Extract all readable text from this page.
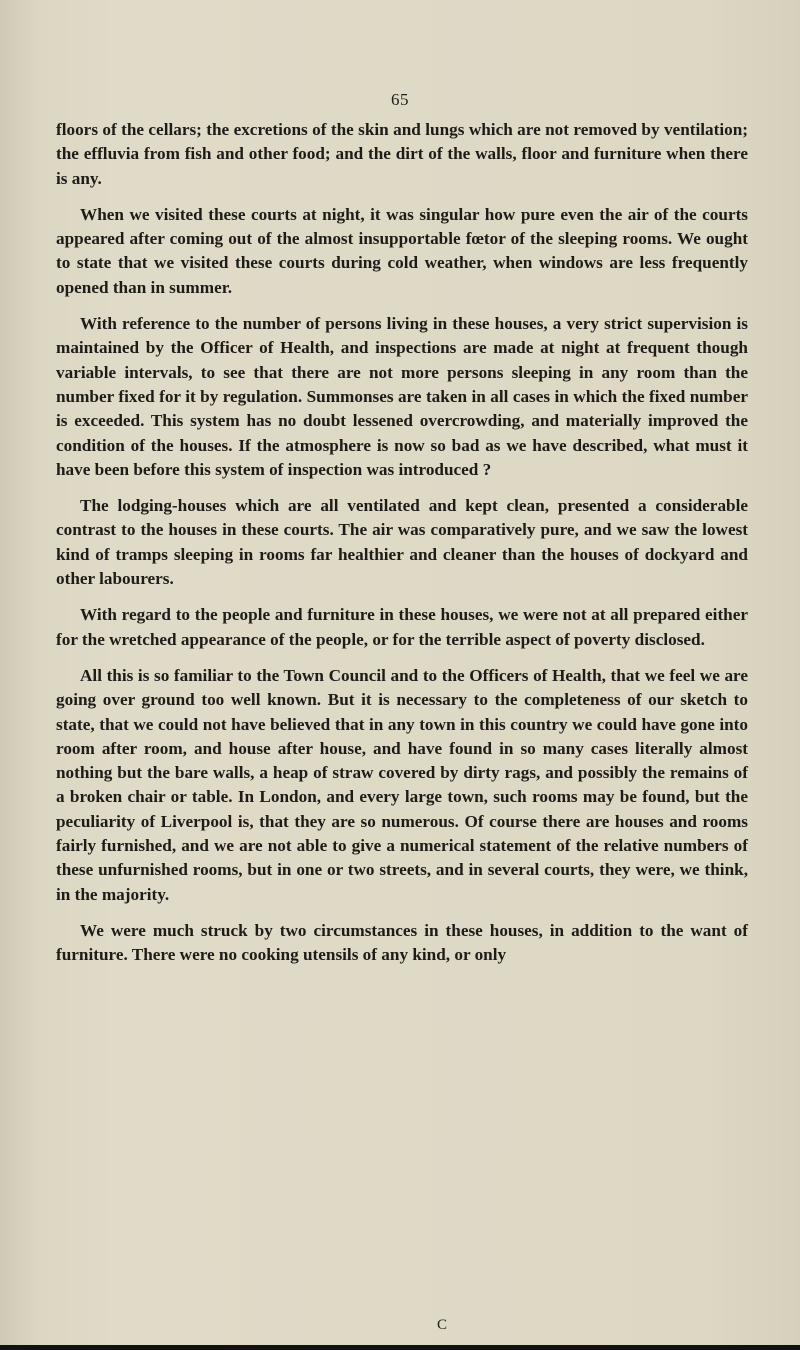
65

floors of the cellars; the excretions of the skin and lungs which are not removed by ventilation; the effluvia from fish and other food; and the dirt of the walls, floor and furniture when there is any.

When we visited these courts at night, it was singular how pure even the air of the courts appeared after coming out of the almost insupportable fœtor of the sleeping rooms. We ought to state that we visited these courts during cold weather, when windows are less frequently opened than in summer.

With reference to the number of persons living in these houses, a very strict supervision is maintained by the Officer of Health, and inspections are made at night at frequent though variable intervals, to see that there are not more persons sleeping in any room than the number fixed for it by regulation. Summonses are taken in all cases in which the fixed number is exceeded. This system has no doubt lessened overcrowding, and materially improved the condition of the houses. If the atmosphere is now so bad as we have described, what must it have been before this system of inspection was introduced ?

The lodging-houses which are all ventilated and kept clean, presented a considerable contrast to the houses in these courts. The air was comparatively pure, and we saw the lowest kind of tramps sleeping in rooms far healthier and cleaner than the houses of dockyard and other labourers.

With regard to the people and furniture in these houses, we were not at all prepared either for the wretched appearance of the people, or for the terrible aspect of poverty disclosed.

All this is so familiar to the Town Council and to the Officers of Health, that we feel we are going over ground too well known. But it is necessary to the completeness of our sketch to state, that we could not have believed that in any town in this country we could have gone into room after room, and house after house, and have found in so many cases literally almost nothing but the bare walls, a heap of straw covered by dirty rags, and possibly the remains of a broken chair or table. In London, and every large town, such rooms may be found, but the peculiarity of Liverpool is, that they are so numerous. Of course there are houses and rooms fairly furnished, and we are not able to give a numerical statement of the relative numbers of these unfurnished rooms, but in one or two streets, and in several courts, they were, we think, in the majority.

We were much struck by two circumstances in these houses, in addition to the want of furniture. There were no cooking utensils of any kind, or only

C
